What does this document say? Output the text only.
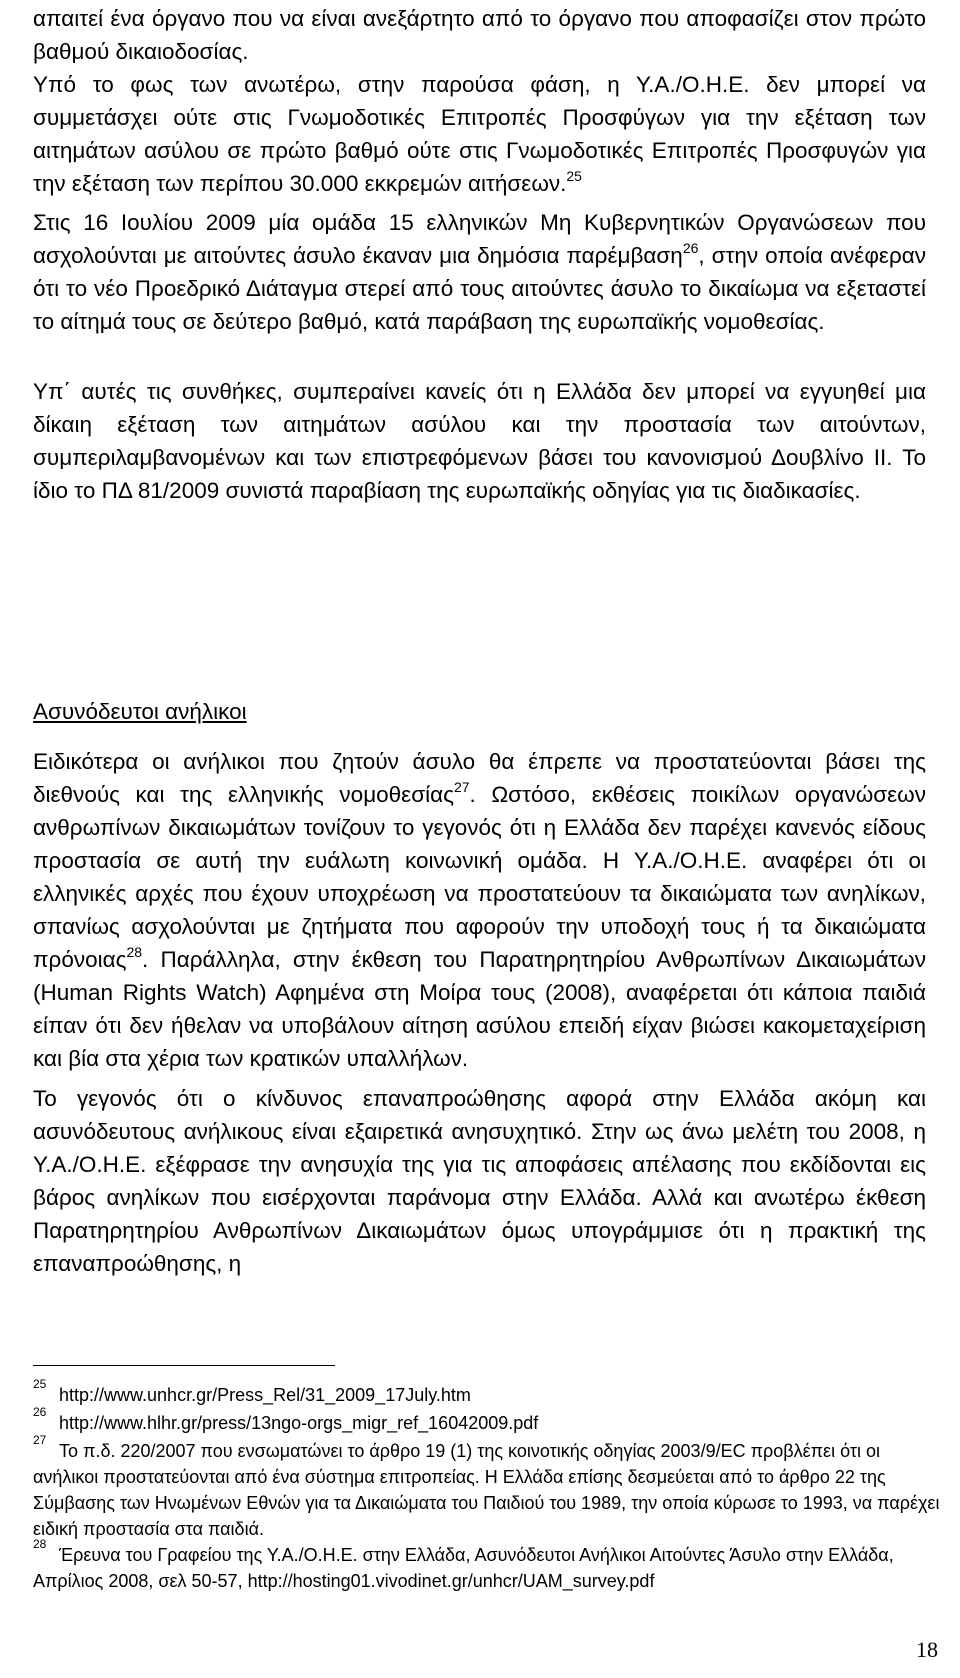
απαιτεί ένα όργανο που να είναι ανεξάρτητο από το όργανο που αποφασίζει στον πρώτο βαθμού δικαιοδοσίας.

Υπό το φως των ανωτέρω, στην παρούσα φάση, η Υ.Α./Ο.Η.Ε. δεν μπορεί να συμμετάσχει ούτε στις Γνωμοδοτικές Επιτροπές Προσφύγων για την εξέταση των αιτημάτων ασύλου σε πρώτο βαθμό ούτε στις Γνωμοδοτικές Επιτροπές Προσφυγών για την εξέταση των περίπου 30.000 εκκρεμών αιτήσεων.$^{25}$

Στις 16 Ιουλίου 2009 μία ομάδα 15 ελληνικών Μη Κυβερνητικών Οργανώσεων που ασχολούνται με αιτούντες άσυλο έκαναν μια δημόσια παρέμβαση$^{26}$, στην οποία ανέφεραν ότι το νέο Προεδρικό Διάταγμα στερεί από τους αιτούντες άσυλο το δικαίωμα να εξεταστεί το αίτημά τους σε δεύτερο βαθμό, κατά παράβαση της ευρωπαϊκής νομοθεσίας.

Υπ΄ αυτές τις συνθήκες, συμπεραίνει κανείς ότι η Ελλάδα δεν μπορεί να εγγυηθεί μια δίκαιη εξέταση των αιτημάτων ασύλου και την προστασία των αιτούντων, συμπεριλαμβανομένων και των επιστρεφόμενων βάσει του κανονισμού Δουβλίνο ΙΙ. Το ίδιο το ΠΔ 81/2009 συνιστά παραβίαση της ευρωπαϊκής οδηγίας για τις διαδικασίες.

Ασυνόδευτοι ανήλικοι

Ειδικότερα οι ανήλικοι που ζητούν άσυλο θα έπρεπε να προστατεύονται βάσει της διεθνούς και της ελληνικής νομοθεσίας$^{27}$. Ωστόσο, εκθέσεις ποικίλων οργανώσεων ανθρωπίνων δικαιωμάτων τονίζουν το γεγονός ότι η Ελλάδα δεν παρέχει κανενός είδους προστασία σε αυτή την ευάλωτη κοινωνική ομάδα. Η Υ.Α./Ο.Η.Ε. αναφέρει ότι οι ελληνικές αρχές που έχουν υποχρέωση να προστατεύουν τα δικαιώματα των ανηλίκων, σπανίως ασχολούνται με ζητήματα που αφορούν την υποδοχή τους ή τα δικαιώματα πρόνοιας$^{28}$. Παράλληλα, στην έκθεση του Παρατηρητηρίου Ανθρωπίνων Δικαιωμάτων (Human Rights Watch) Αφημένα στη Μοίρα τους (2008), αναφέρεται ότι κάποια παιδιά είπαν ότι δεν ήθελαν να υποβάλουν αίτηση ασύλου επειδή είχαν βιώσει κακομεταχείριση και βία στα χέρια των κρατικών υπαλλήλων.

Το γεγονός ότι ο κίνδυνος επαναπροώθησης αφορά στην Ελλάδα ακόμη και ασυνόδευτους ανήλικους είναι εξαιρετικά ανησυχητικό. Στην ως άνω μελέτη του 2008, η Υ.Α./Ο.Η.Ε. εξέφρασε την ανησυχία της για τις αποφάσεις απέλασης που εκδίδονται εις βάρος ανηλίκων που εισέρχονται παράνομα στην Ελλάδα. Αλλά και ανωτέρω έκθεση Παρατηρητηρίου Ανθρωπίνων Δικαιωμάτων όμως υπογράμμισε ότι η πρακτική της επαναπροώθησης, η

$^{25}$http://www.unhcr.gr/Press_Rel/31_2009_17July.htm

$^{26}$http://www.hlhr.gr/press/13ngo-orgs_migr_ref_16042009.pdf

$^{27}$Το π.δ. 220/2007 που ενσωματώνει το άρθρο 19 (1) της κοινοτικής οδηγίας 2003/9/EC προβλέπει ότι οι ανήλικοι προστατεύονται από ένα σύστημα επιτροπείας. Η Ελλάδα επίσης δεσμεύεται από το άρθρο 22 της Σύμβασης των Ηνωμένων Εθνών για τα Δικαιώματα του Παιδιού του 1989, την οποία κύρωσε το 1993, να παρέχει ειδική προστασία στα παιδιά.

$^{28}$Έρευνα του Γραφείου της Υ.Α./Ο.Η.Ε. στην Ελλάδα, Ασυνόδευτοι Ανήλικοι Αιτούντες Άσυλο στην Ελλάδα, Απρίλιος 2008, σελ 50-57, http://hosting01.vivodinet.gr/unhcr/UAM_survey.pdf

18
